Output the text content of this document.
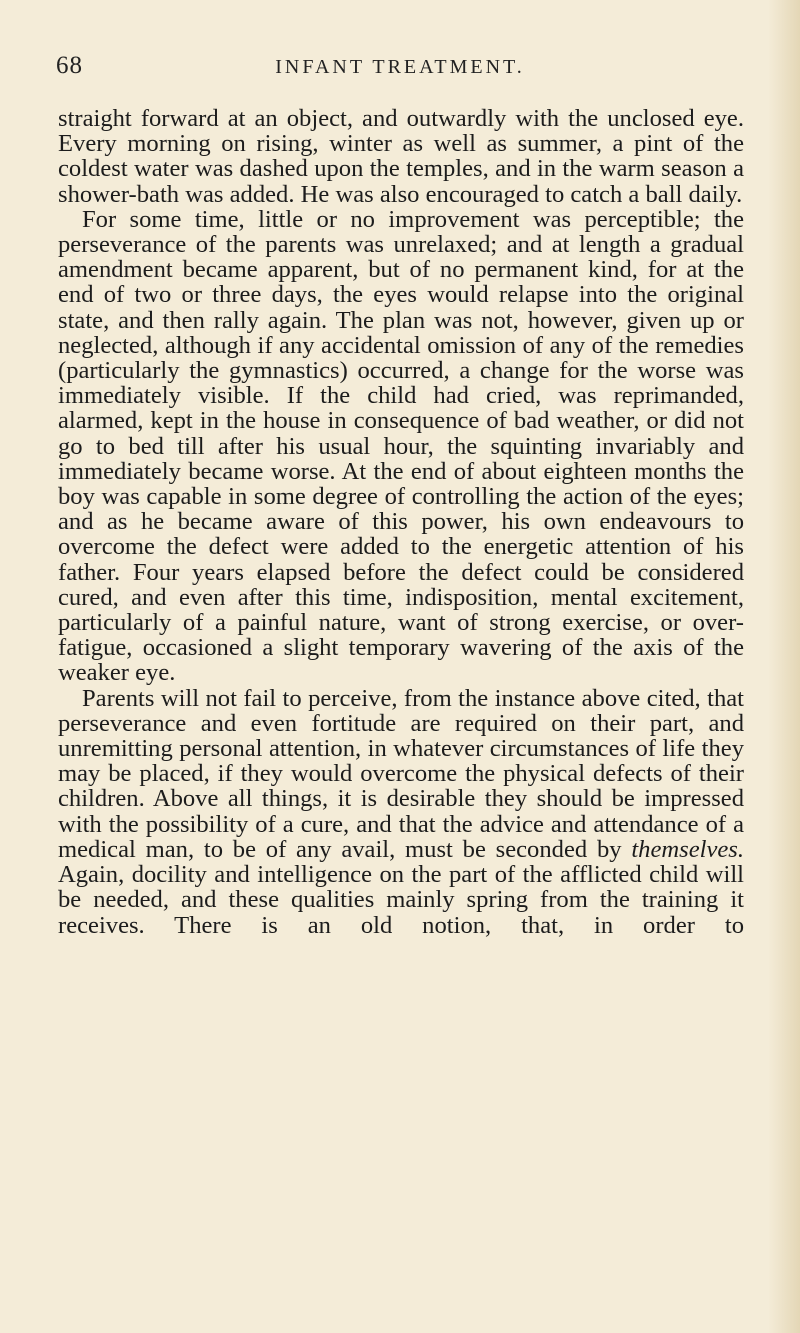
68	INFANT TREATMENT.

straight forward at an object, and outwardly with the unclosed eye. Every morning on rising, winter as well as summer, a pint of the coldest water was dashed upon the temples, and in the warm season a shower-bath was added. He was also encouraged to catch a ball daily.

For some time, little or no improvement was perceptible; the perseverance of the parents was unrelaxed; and at length a gradual amendment became apparent, but of no permanent kind, for at the end of two or three days, the eyes would relapse into the original state, and then rally again. The plan was not, however, given up or neglected, although if any accidental omission of any of the remedies (particularly the gymnastics) occurred, a change for the worse was immediately visible. If the child had cried, was reprimanded, alarmed, kept in the house in consequence of bad weather, or did not go to bed till after his usual hour, the squinting invariably and immediately became worse. At the end of about eighteen months the boy was capable in some degree of controlling the action of the eyes; and as he became aware of this power, his own endeavours to overcome the defect were added to the energetic attention of his father. Four years elapsed before the defect could be considered cured, and even after this time, indisposition, mental excitement, particularly of a painful nature, want of strong exercise, or over-fatigue, occasioned a slight temporary wavering of the axis of the weaker eye.

Parents will not fail to perceive, from the instance above cited, that perseverance and even fortitude are required on their part, and unremitting personal attention, in whatever circumstances of life they may be placed, if they would overcome the physical defects of their children. Above all things, it is desirable they should be impressed with the possibility of a cure, and that the advice and attendance of a medical man, to be of any avail, must be seconded by themselves. Again, docility and intelligence on the part of the afflicted child will be needed, and these qualities mainly spring from the training it receives. There is an old notion, that, in order to
